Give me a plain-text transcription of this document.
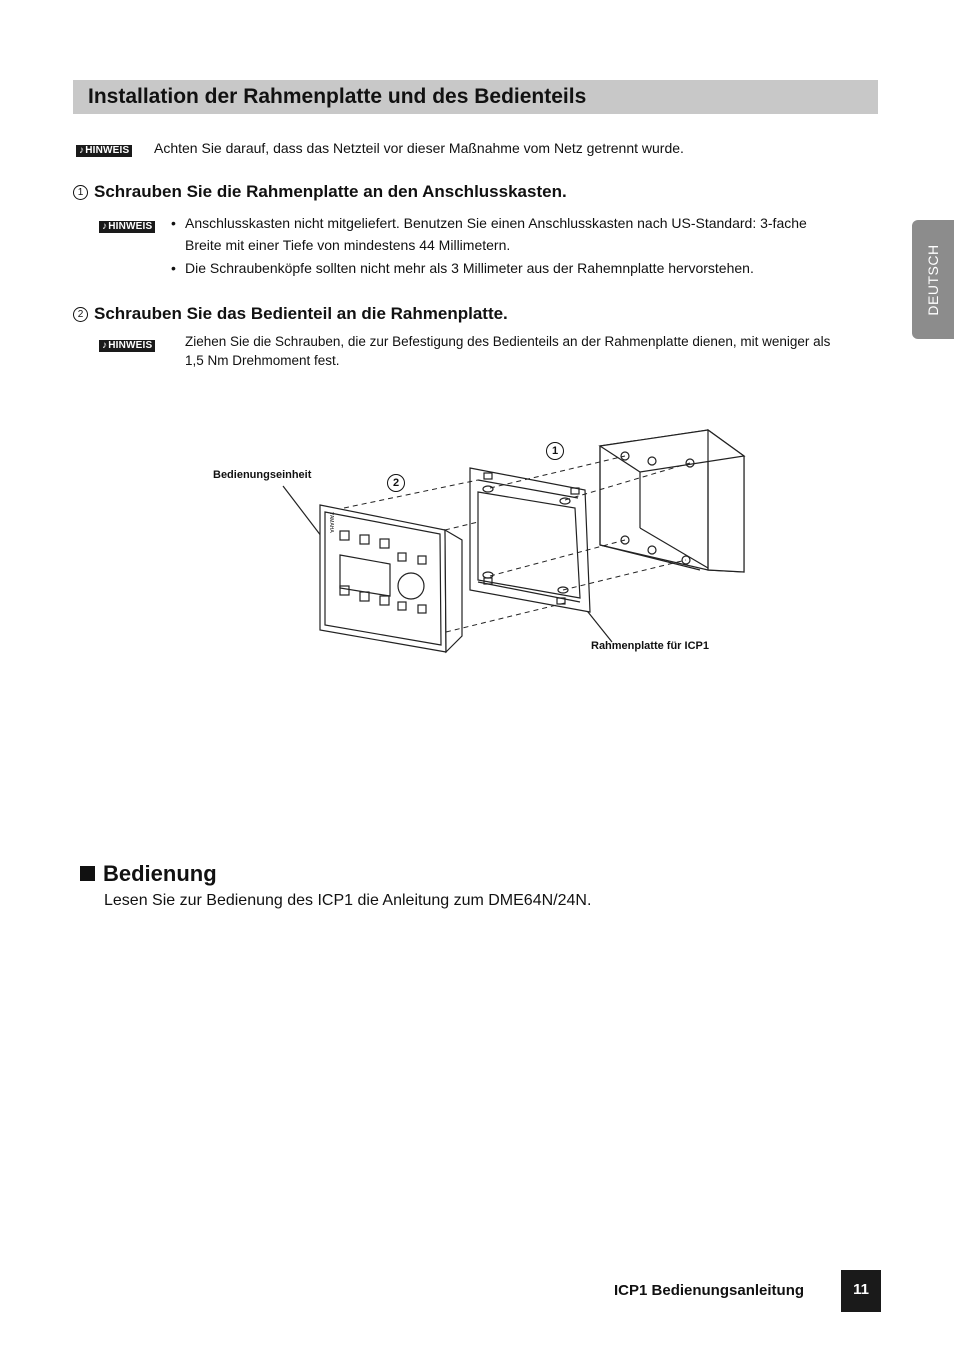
Installation der Rahmenplatte und des Bedienteils
DEUTSCH
♪HINWEIS Achten Sie darauf, dass das Netzteil vor dieser Maßnahme vom Netz getrennt wurde.
1 Schrauben Sie die Rahmenplatte an den Anschlusskasten.
♪HINWEIS
•	Anschlusskasten nicht mitgeliefert. Benutzen Sie einen Anschlusskasten nach US-Standard: 3-fache Breite mit einer Tiefe von mindestens 44 Millimetern.
• Die Schraubenköpfe sollten nicht mehr als 3 Millimeter aus der Rahemnplatte hervorstehen.
2 Schrauben Sie das Bedienteil an die Rahmenplatte.
♪HINWEIS Ziehen Sie die Schrauben, die zur Befestigung des Bedienteils an der Rahmenplatte dienen, mit weniger als 1,5 Nm Drehmoment fest.
Bedienungseinheit
Rahmenplatte für ICP1
1
2
YAMAHA
Bedienung
Lesen Sie zur Bedienung des ICP1 die Anleitung zum DME64N/24N.
ICP1 Bedienungsanleitung	11
